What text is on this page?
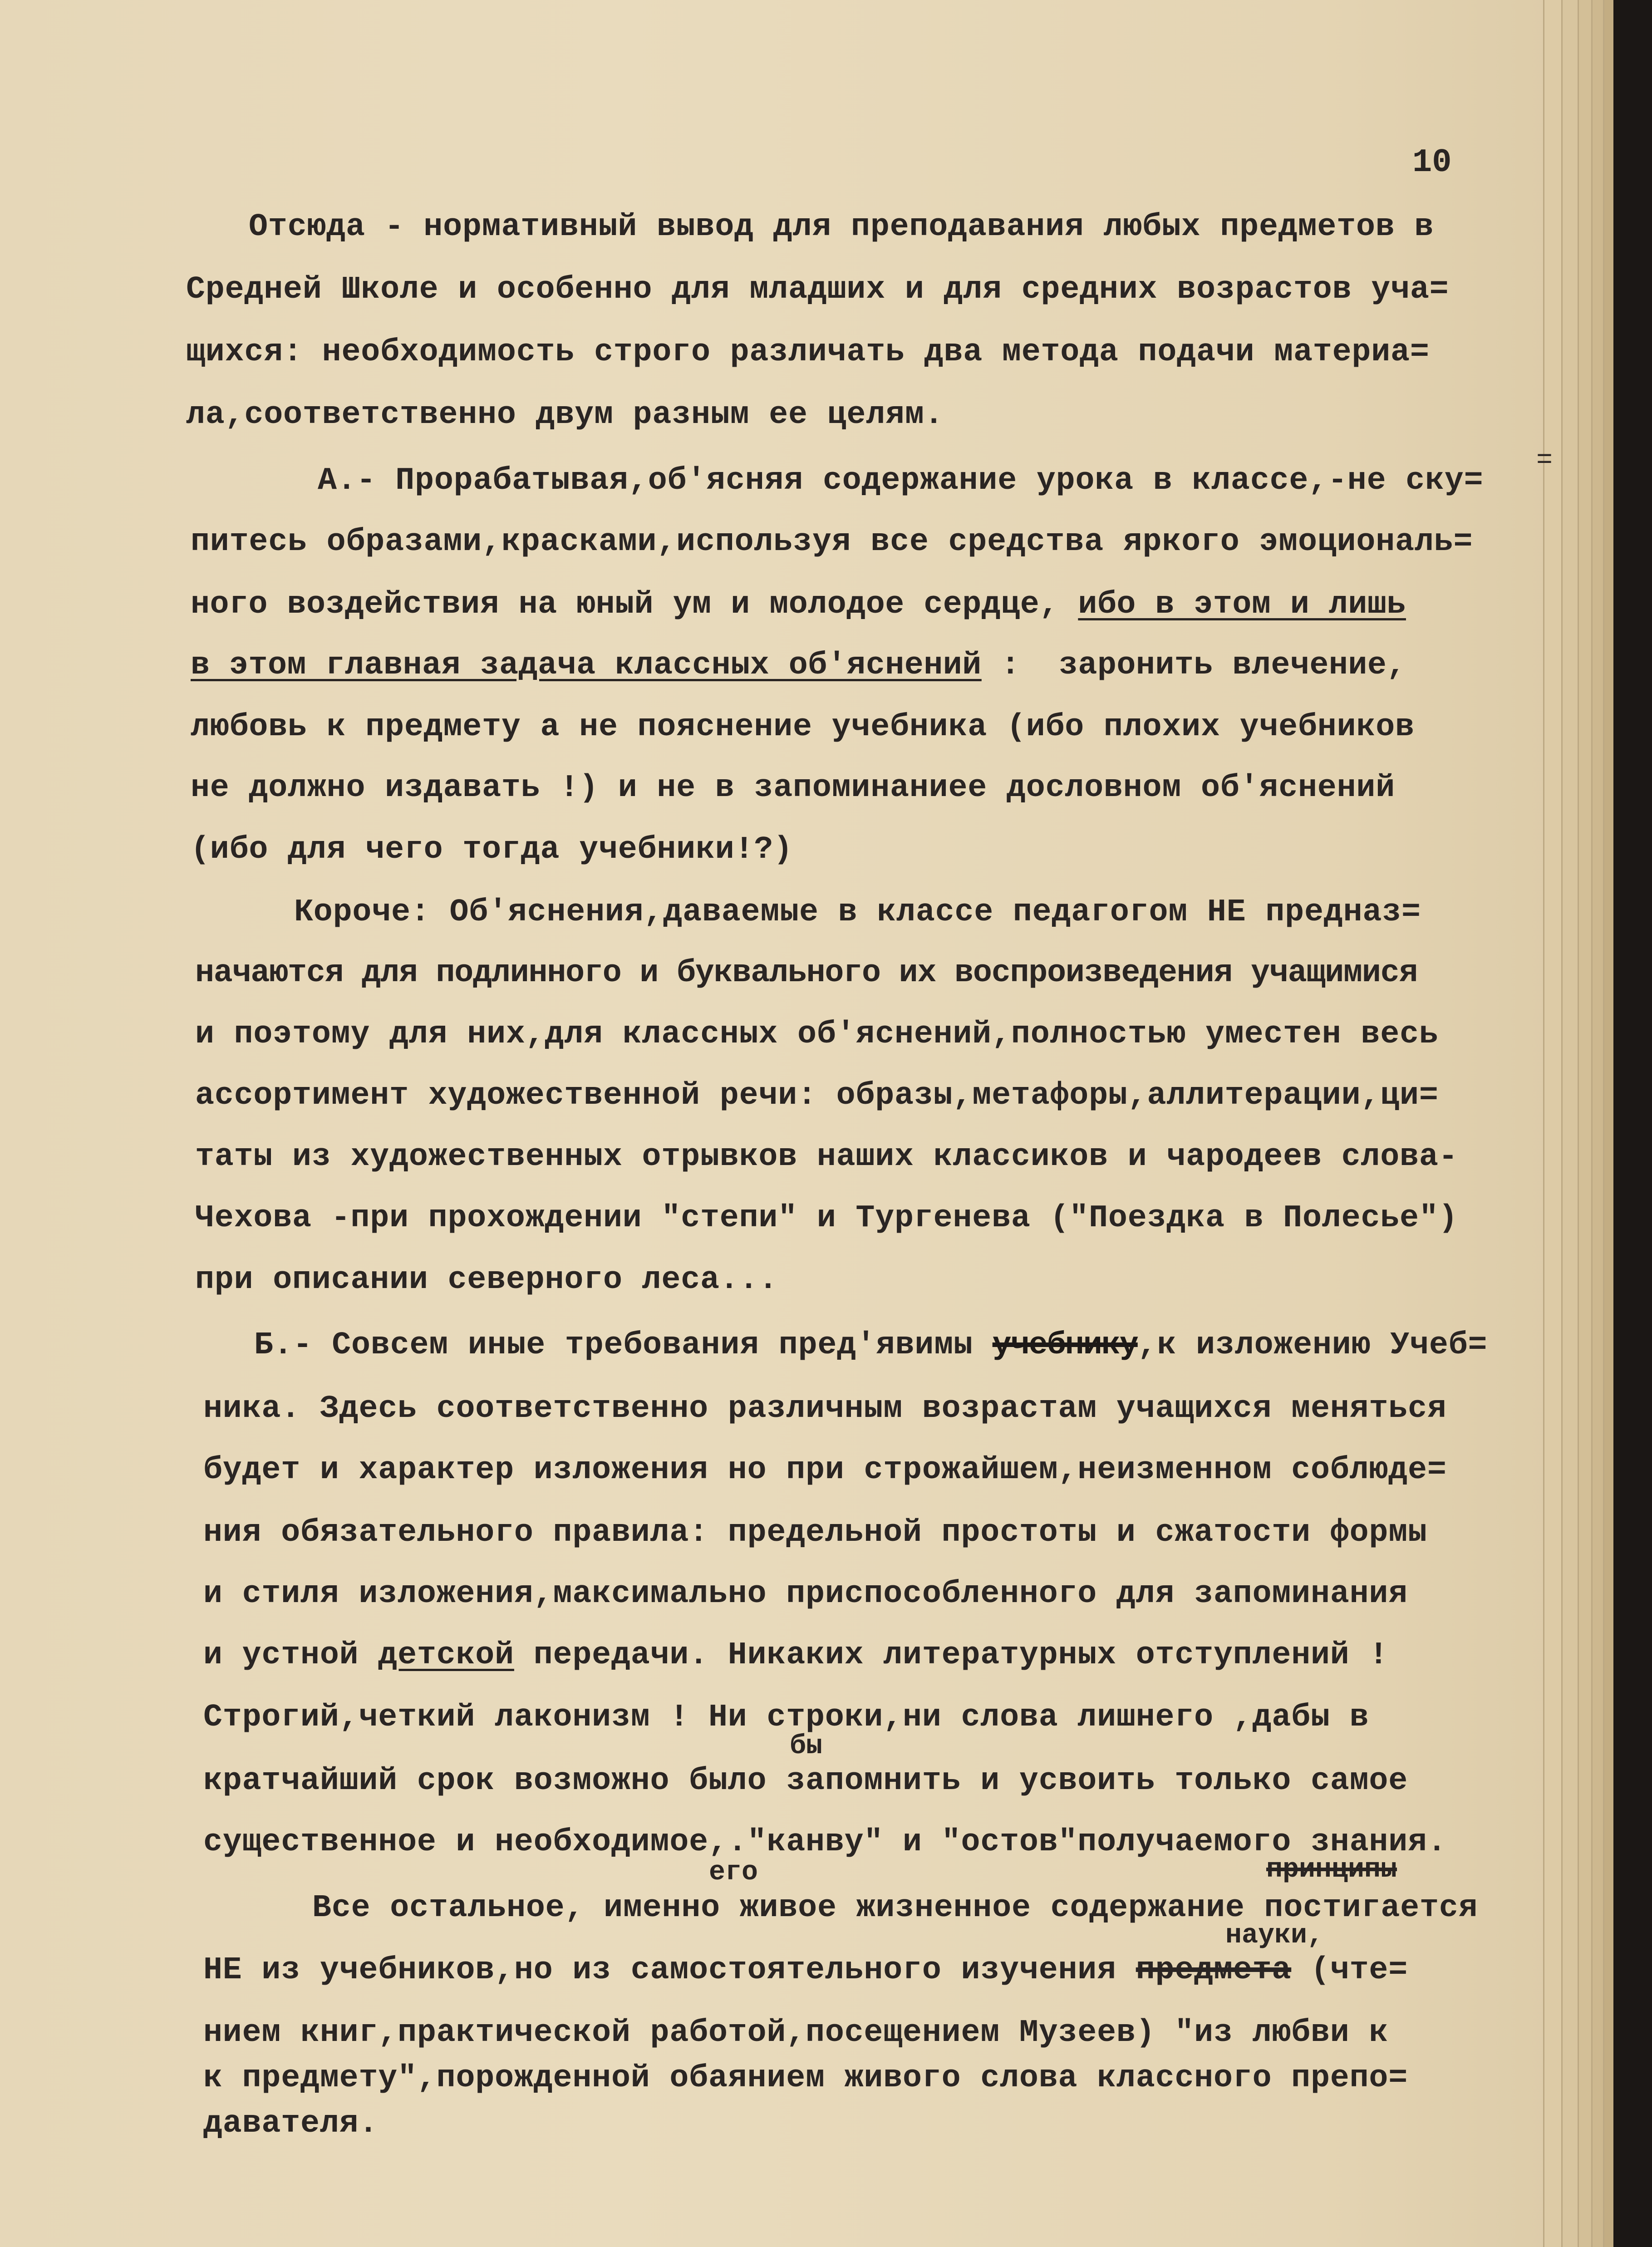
10

Отсюда - нормативный вывод для преподавания любых предметов в

Средней Школе и особенно для младших и для средних возрастов уча=

щихся: необходимость строго различать два метода подачи материа=

ла,соответственно двум разным ее целям.

А.- Прорабатывая,об'ясняя содержание урока в классе,-не ску=

питесь образами,красками,используя все средства яркого эмоциональ=

ного воздействия на юный ум и молодое сердце, ибо в этом и лишь

в этом главная задача классных об'яснений :  заронить влечение,

любовь к предмету а не пояснение учебника (ибо плохих учебников

не должно издавать !) и не в запоминаниее дословном об'яснений

(ибо для чего тогда учебники!?)

Короче: Об'яснения,даваемые в классе педагогом НЕ предназ=

начаются для подлинного и буквального их воспроизведения учащимися

и поэтому для них,для классных об'яснений,полностью уместен весь

ассортимент художественной речи: образы,метафоры,аллитерации,ци=

таты из художественных отрывков наших классиков и чародеев слова-

Чехова -при прохождении "степи" и Тургенева ("Поездка в Полесье")

при описании северного леса...

Б.- Совсем иные требования пред'явимы учебнику,к изложению Учеб=

ника. Здесь соответственно различным возрастам учащихся меняться

будет и характер изложения но при строжайшем,неизменном соблюде=

ния обязательного правила: предельной простоты и сжатости формы

и стиля изложения,максимально приспособленного для запоминания

и устной детской передачи. Никаких литературных отступлений !

Строгий,четкий лаконизм ! Ни строки,ни слова лишнего ,дабы в

бы

кратчайший срок возможно было запомнить и усвоить только самое

существенное и необходимое,."канву" и "остов"получаемого знания.

его	принципы

Все остальное, именно живое жизненное содержание постигается

науки,

НЕ из учебников,но из самостоятельного изучения предмета (чте=

нием книг,практической работой,посещением Музеев) "из любви к

к предмету",порожденной обаянием живого слова классного препо=

давателя.

=
